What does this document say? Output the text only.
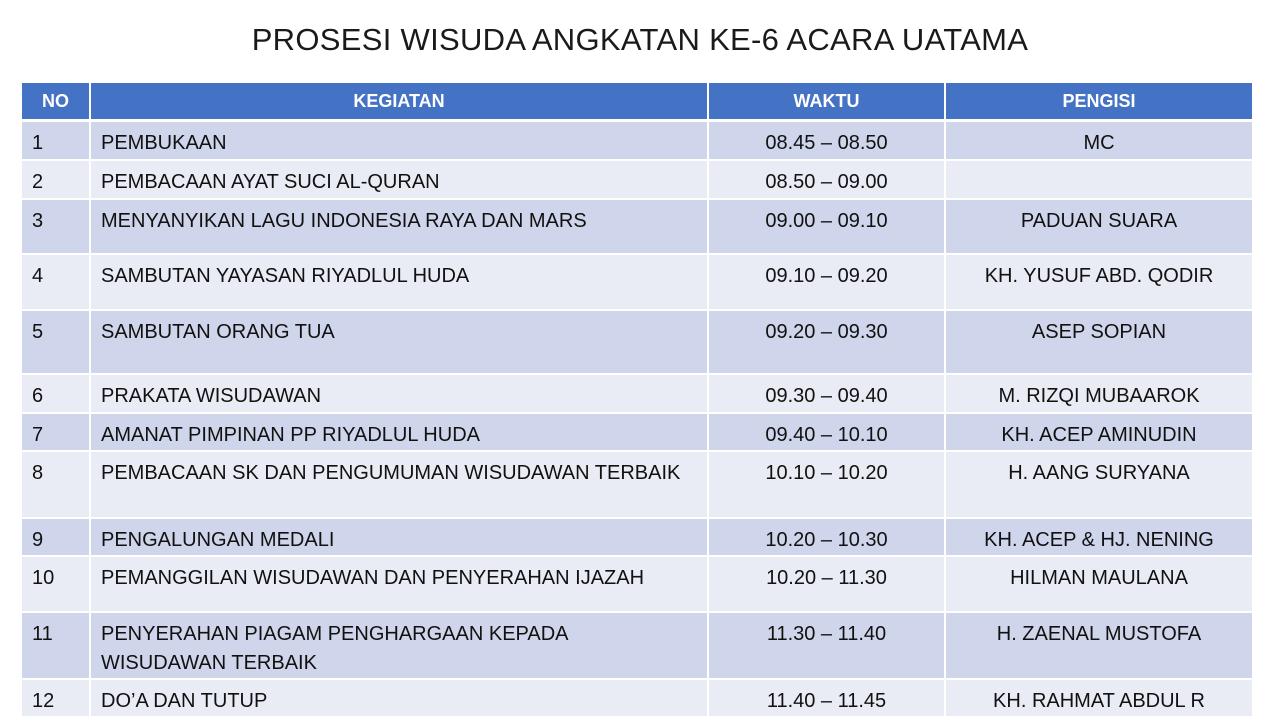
PROSESI WISUDA ANGKATAN KE-6 ACARA UATAMA
NO	KEGIATAN	WAKTU	PENGISI
1	PEMBUKAAN	08.45 – 08.50	MC
2	PEMBACAAN AYAT SUCI AL-QURAN	08.50 – 09.00	
3	MENYANYIKAN LAGU INDONESIA RAYA DAN MARS	09.00 – 09.10	PADUAN SUARA
4	SAMBUTAN YAYASAN RIYADLUL HUDA	09.10 – 09.20	KH. YUSUF ABD. QODIR
5	SAMBUTAN ORANG TUA	09.20 – 09.30	ASEP SOPIAN
6	PRAKATA WISUDAWAN	09.30 – 09.40	M. RIZQI MUBAAROK
7	AMANAT PIMPINAN PP RIYADLUL HUDA	09.40 – 10.10	KH. ACEP AMINUDIN
8	PEMBACAAN SK DAN PENGUMUMAN WISUDAWAN TERBAIK	10.10 – 10.20	H. AANG SURYANA
9	PENGALUNGAN MEDALI	10.20 – 10.30	KH. ACEP & HJ. NENING
10	PEMANGGILAN WISUDAWAN DAN PENYERAHAN IJAZAH	10.20 – 11.30	HILMAN MAULANA
11	PENYERAHAN PIAGAM PENGHARGAAN KEPADA WISUDAWAN TERBAIK	11.30 – 11.40	H. ZAENAL MUSTOFA
12	DO’A DAN TUTUP	11.40 – 11.45	KH. RAHMAT ABDUL R
